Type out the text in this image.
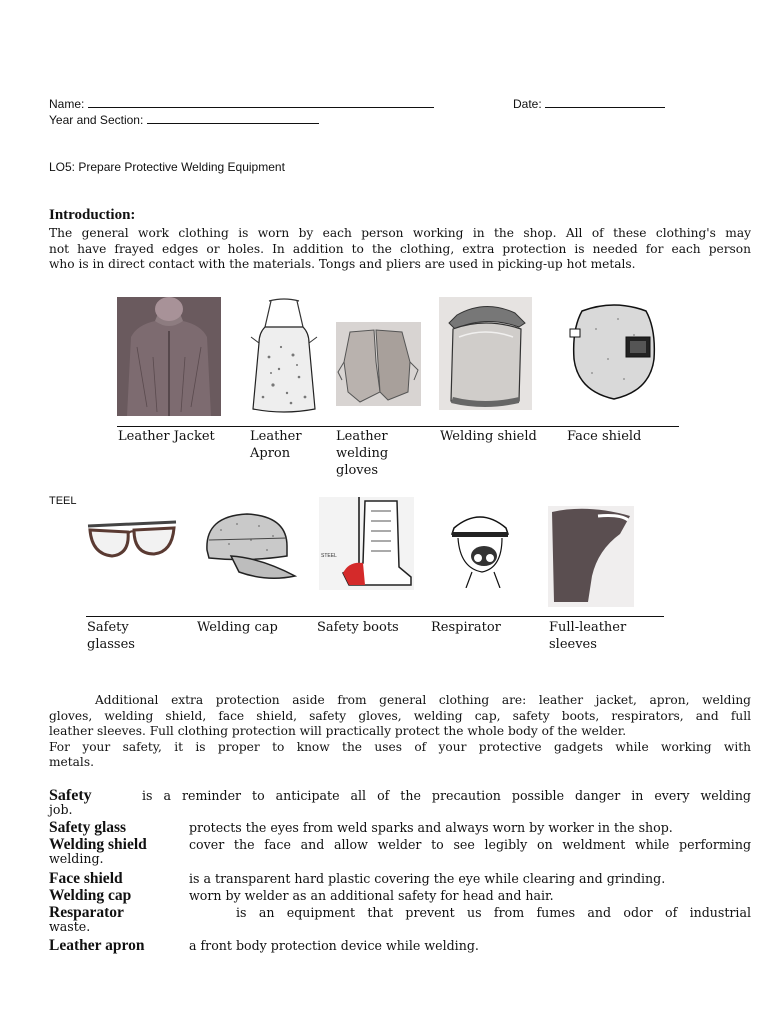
Name:	Date:
Year and Section:
LO5: Prepare Protective Welding Equipment
Introduction:
The general work clothing is worn by each person working in the shop. All of these clothing's may
not have frayed edges or holes. In addition to the clothing, extra protection is needed for each person
who is in direct contact with the materials. Tongs and pliers are used in picking-up hot metals.
Leather Jacket	Leather
Apron
Leather
welding
gloves
Welding shield Face shield
TEEL
STEEL
Safety
glasses
Welding cap	Safety boots Respirator	Full-leather
sleeves
Additional extra protection aside from general clothing are: leather jacket, apron, welding
gloves, welding shield, face shield, safety gloves, welding cap, safety boots, respirators, and full
leather sleeves. Full clothing protection will practically protect the whole body of the welder.
For your safety, it is proper to know the uses of your protective gadgets while working with
metals.
Safety	is a reminder to anticipate all of the precaution possible danger in every welding
job.
Safety glass	protects the eyes from weld sparks and always worn by worker in the shop.
Welding shield	cover the face and allow welder to see legibly on weldment while performing
welding.
Face shield	is a transparent hard plastic covering the eye while clearing and grinding.
Welding cap	worn by welder as an additional safety for head and hair.
Resparator	is an equipment that prevent us from fumes and odor of industrial
waste.
Leather apron	a front body protection device while welding.
